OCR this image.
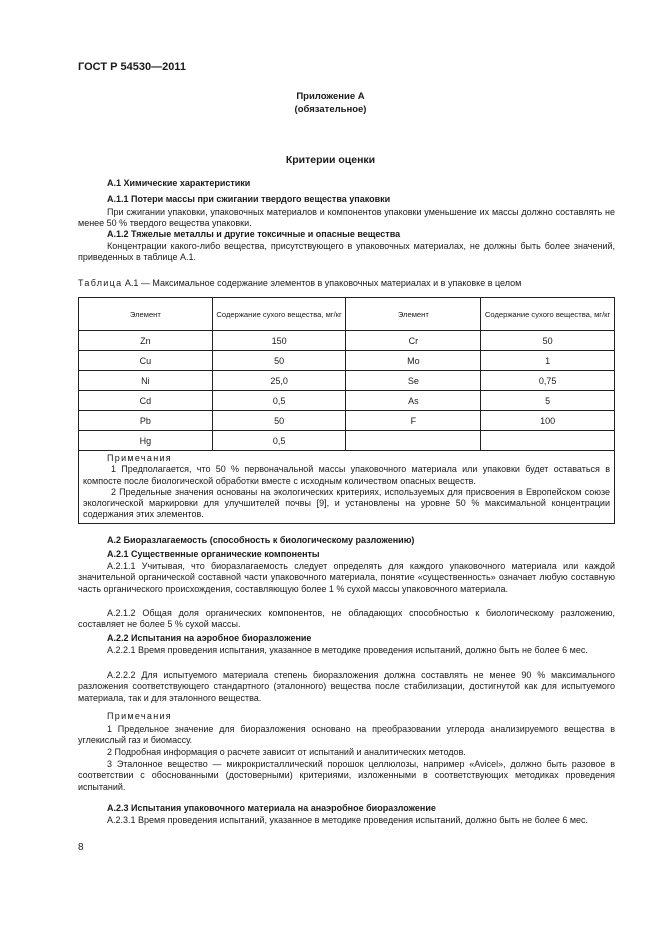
ГОСТ Р 54530—2011
Приложение А
(обязательное)
Критерии оценки
А.1 Химические характеристики
А.1.1 Потери массы при сжигании твердого вещества упаковки

При сжигании упаковки, упаковочных материалов и компонентов упаковки уменьшение их массы должно составлять не менее 50 % твердого вещества упаковки.

А.1.2 Тяжелые металлы и другие токсичные и опасные вещества

Концентрации какого-либо вещества, присутствующего в упаковочных материалах, не должны быть более значений, приведенных в таблице А.1.

Таблица А.1 — Максимальное содержание элементов в упаковочных материалах и в упаковке в целом
Элемент	Содержание сухого вещества, мг/кг	Элемент	Содержание сухого вещества, мг/кг
Zn	150	Cr	50
Cu	50	Mo	1
Ni	25,0	Se	0,75
Cd	0,5	As	5
Pb	50	F	100
Hg	0,5		

Примечания
1 Предполагается, что 50 % первоначальной массы упаковочного материала или упаковки будет оставаться в компосте после биологической обработки вместе с исходным количеством опасных веществ.
2 Предельные значения основаны на экологических критериях, используемых для присвоения в Европейском союзе экологической маркировки для улучшителей почвы [9], и установлены на уровне 50 % максимальной концентрации содержания этих элементов.			
А.2 Биоразлагаемость (способность к биологическому разложению)
А.2.1 Существенные органические компоненты

А.2.1.1 Учитывая, что биоразлагаемость следует определять для каждого упаковочного материала или каждой значительной органической составной части упаковочного материала, понятие «существенность» означает любую составную часть органического происхождения, составляющую более 1 % сухой массы упаковочного материала.

А.2.1.2 Общая доля органических компонентов, не обладающих способностью к биологическому разложению, составляет не более 5 % сухой массы.

А.2.2 Испытания на аэробное биоразложение

А.2.2.1 Время проведения испытания, указанное в методике проведения испытаний, должно быть не более 6 мес.

А.2.2.2 Для испытуемого материала степень биоразложения должна составлять не менее 90 % максимального разложения соответствующего стандартного (эталонного) вещества после стабилизации, достигнутой как для испытуемого материала, так и для эталонного вещества.

Примечания

1 Предельное значение для биоразложения основано на преобразовании углерода анализируемого вещества в углекислый газ и биомассу.

2 Подробная информация о расчете зависит от испытаний и аналитических методов.

3 Эталонное вещество — микрокристаллический порошок целлюлозы, например «Avicel», должно быть разовое в соответствии с обоснованными (достоверными) критериями, изложенными в соответствующих методиках проведения испытаний.

А.2.3 Испытания упаковочного материала на анаэробное биоразложение

А.2.3.1 Время проведения испытаний, указанное в методике проведения испытаний, должно быть не более 6 мес.

8
